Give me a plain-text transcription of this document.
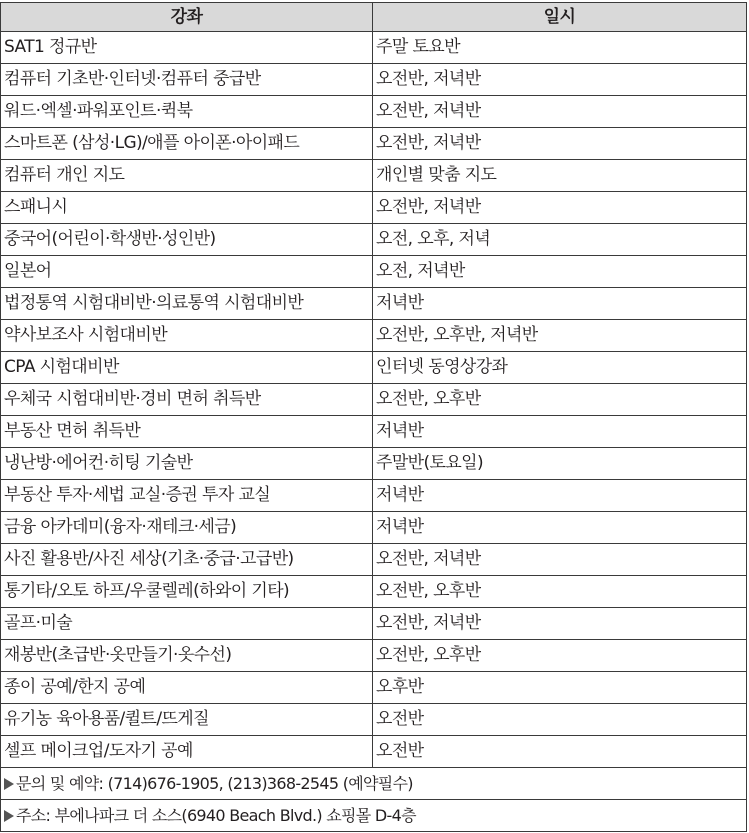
강좌	일시
SAT1 정규반	주말 토요반
컴퓨터 기초반·인터넷·컴퓨터 중급반	오전반, 저녁반
워드·엑셀·파워포인트·퀵북	오전반, 저녁반
스마트폰 (삼성·LG)/애플 아이폰·아이패드	오전반, 저녁반
컴퓨터 개인 지도	개인별 맞춤 지도
스패니시	오전반, 저녁반
중국어(어린이·학생반·성인반)	오전, 오후, 저녁
일본어	오전, 저녁반
법정통역 시험대비반·의료통역 시험대비반	저녁반
약사보조사 시험대비반	오전반, 오후반, 저녁반
CPA 시험대비반	인터넷 동영상강좌
우체국 시험대비반·경비 면허 취득반	오전반, 오후반
부동산 면허 취득반	저녁반
냉난방·에어컨·히팅 기술반	주말반(토요일)
부동산 투자·세법 교실·증권 투자 교실	저녁반
금융 아카데미(융자·재테크·세금)	저녁반
사진 활용반/사진 세상(기초·중급·고급반)	오전반, 저녁반
통기타/오토 하프/우쿨렐레(하와이 기타)	오전반, 오후반
골프·미술	오전반, 저녁반
재봉반(초급반·옷만들기·옷수선)	오전반, 오후반
종이 공예/한지 공예	오후반
유기농 육아용품/퀼트/뜨게질	오전반
셀프 메이크업/도자기 공예	오전반
문의 및 예약: (714)676-1905, (213)368-2545 (예약필수)	
주소: 부에나파크 더 소스(6940 Beach Blvd.) 쇼핑몰 D-4층	
